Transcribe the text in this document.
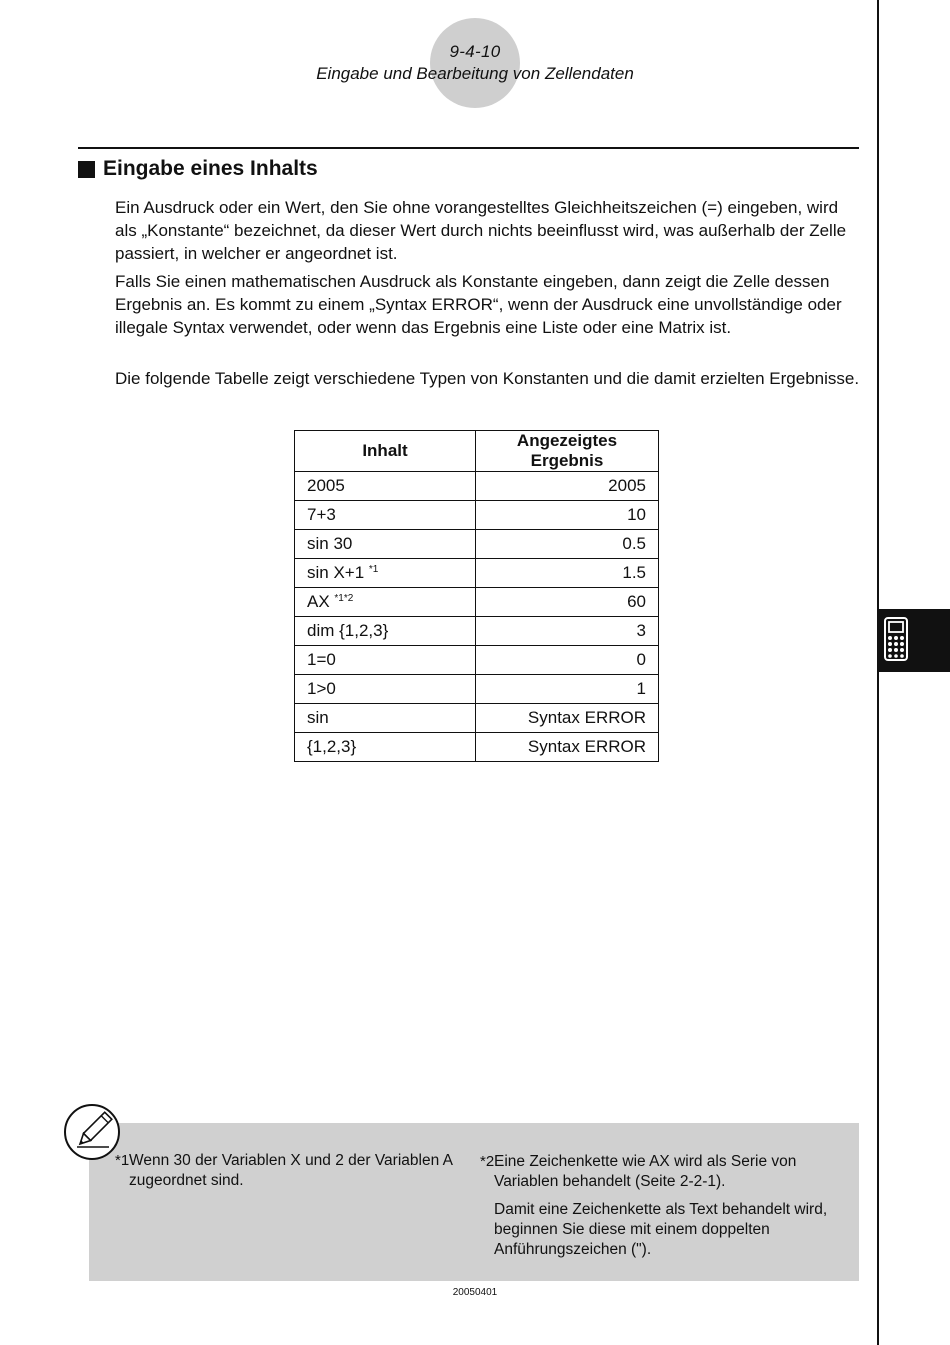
9-4-10
Eingabe und Bearbeitung von Zellendaten
Eingabe eines Inhalts

Ein Ausdruck oder ein Wert, den Sie ohne vorangestelltes Gleichheitszeichen (=) eingeben, wird als „Konstante“ bezeichnet, da dieser Wert durch nichts beeinflusst wird, was außerhalb der Zelle passiert, in welcher er angeordnet ist.

Falls Sie einen mathematischen Ausdruck als Konstante eingeben, dann zeigt die Zelle dessen Ergebnis an. Es kommt zu einem „Syntax ERROR“, wenn der Ausdruck eine unvollständige oder illegale Syntax verwendet, oder wenn das Ergebnis eine Liste oder eine Matrix ist.

Die folgende Tabelle zeigt verschiedene Typen von Konstanten und die damit erzielten Ergebnisse.

Inhalt	Angezeigtes Ergebnis
2005	2005
7+3	10
sin 30	0.5
sin X+1 $^{*1}$	1.5
AX $^{*1*2}$	60
dim {1,2,3}	3
1=0	0
1>0	1
sin	Syntax ERROR
{1,2,3}	Syntax ERROR
*1 Wenn 30 der Variablen X und 2 der Variablen A zugeordnet sind.
*2 Eine Zeichenkette wie AX wird als Serie von Variablen behandelt (Seite 2-2-1).

Damit eine Zeichenkette als Text behandelt wird, beginnen Sie diese mit einem doppelten Anführungszeichen (").

20050401
